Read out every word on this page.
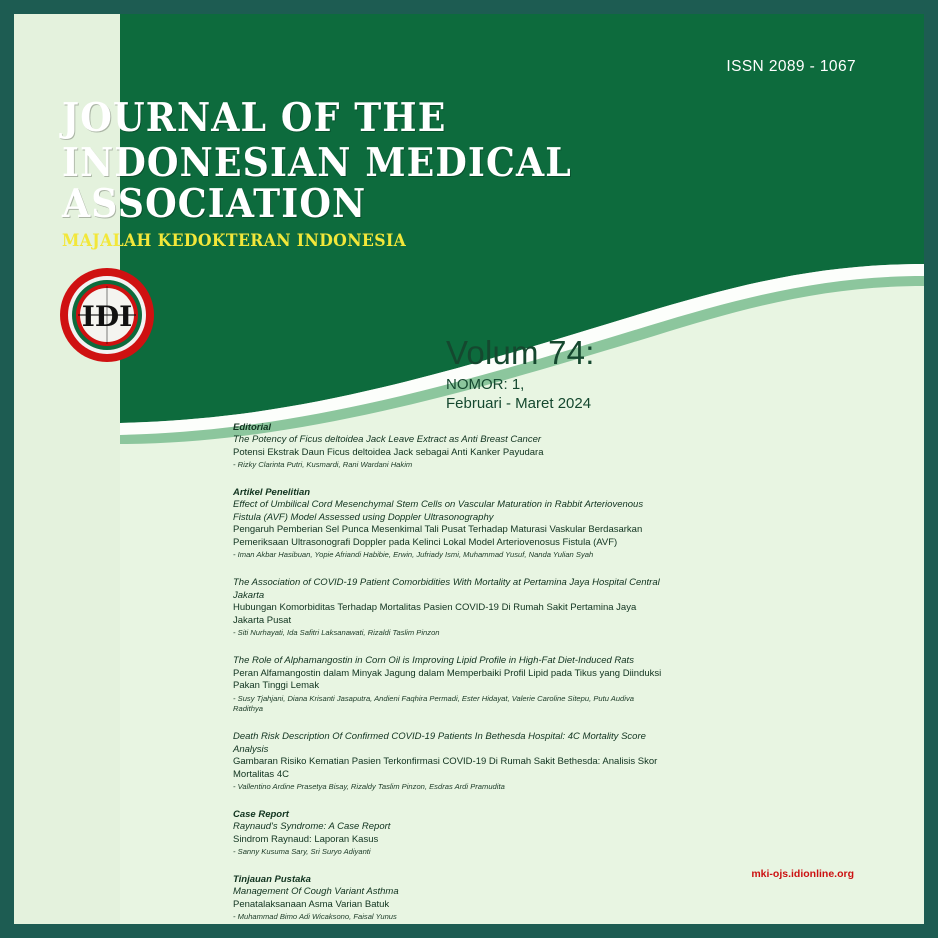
ISSN 2089 - 1067
JOURNAL OF THE
INDONESIAN MEDICAL ASSOCIATION
MAJALAH KEDOKTERAN INDONESIA
IDI
Volum 74:
NOMOR: 1,
Februari - Maret 2024
Editorial
The Potency of Ficus deltoidea Jack Leave Extract as Anti Breast Cancer
Potensi Ekstrak Daun Ficus deltoidea Jack sebagai Anti Kanker Payudara
- Rizky Clarinta Putri, Kusmardi, Rani Wardani Hakim
Artikel Penelitian
Effect of Umbilical Cord Mesenchymal Stem Cells on Vascular Maturation in Rabbit Arteriovenous Fistula (AVF) Model Assessed using Doppler Ultrasonography
Pengaruh Pemberian Sel Punca Mesenkimal Tali Pusat Terhadap Maturasi Vaskular Berdasarkan Pemeriksaan Ultrasonografi Doppler pada Kelinci Lokal Model Arteriovenosus Fistula (AVF)
- Iman Akbar Hasibuan, Yopie Afriandi Habibie, Erwin, Jufriady Ismi, Muhammad Yusuf, Nanda Yulian Syah
The Association of COVID-19 Patient Comorbidities With Mortality at Pertamina Jaya Hospital Central Jakarta
Hubungan Komorbiditas Terhadap Mortalitas Pasien COVID-19 Di Rumah Sakit Pertamina Jaya Jakarta Pusat
- Siti Nurhayati, Ida Safitri Laksanawati, Rizaldi Taslim Pinzon
The Role of Alphamangostin in Corn Oil is Improving Lipid Profile in High-Fat Diet-Induced Rats
Peran Alfamangostin dalam Minyak Jagung dalam Memperbaiki Profil Lipid pada Tikus yang Diinduksi Pakan Tinggi Lemak
- Susy Tjahjani, Diana Krisanti Jasaputra, Andieni Faqhira Permadi, Ester Hidayat, Valerie Caroline Sitepu, Putu Audiva Radithya
Death Risk Description Of Confirmed COVID-19 Patients In Bethesda Hospital: 4C Mortality Score Analysis
Gambaran Risiko Kematian Pasien Terkonfirmasi COVID-19 Di Rumah Sakit Bethesda: Analisis Skor Mortalitas 4C
- Vallentino Ardine Prasetya Bisay, Rizaldy Taslim Pinzon, Esdras Ardi Pramudita
Case Report
Raynaud's Syndrome: A Case Report
Sindrom Raynaud: Laporan Kasus
- Sanny Kusuma Sary, Sri Suryo Adiyanti
Tinjauan Pustaka
Management Of Cough Variant Asthma
Penatalaksanaan Asma Varian Batuk
- Muhammad Bimo Adi Wicaksono, Faisal Yunus
mki-ojs.idionline.org
